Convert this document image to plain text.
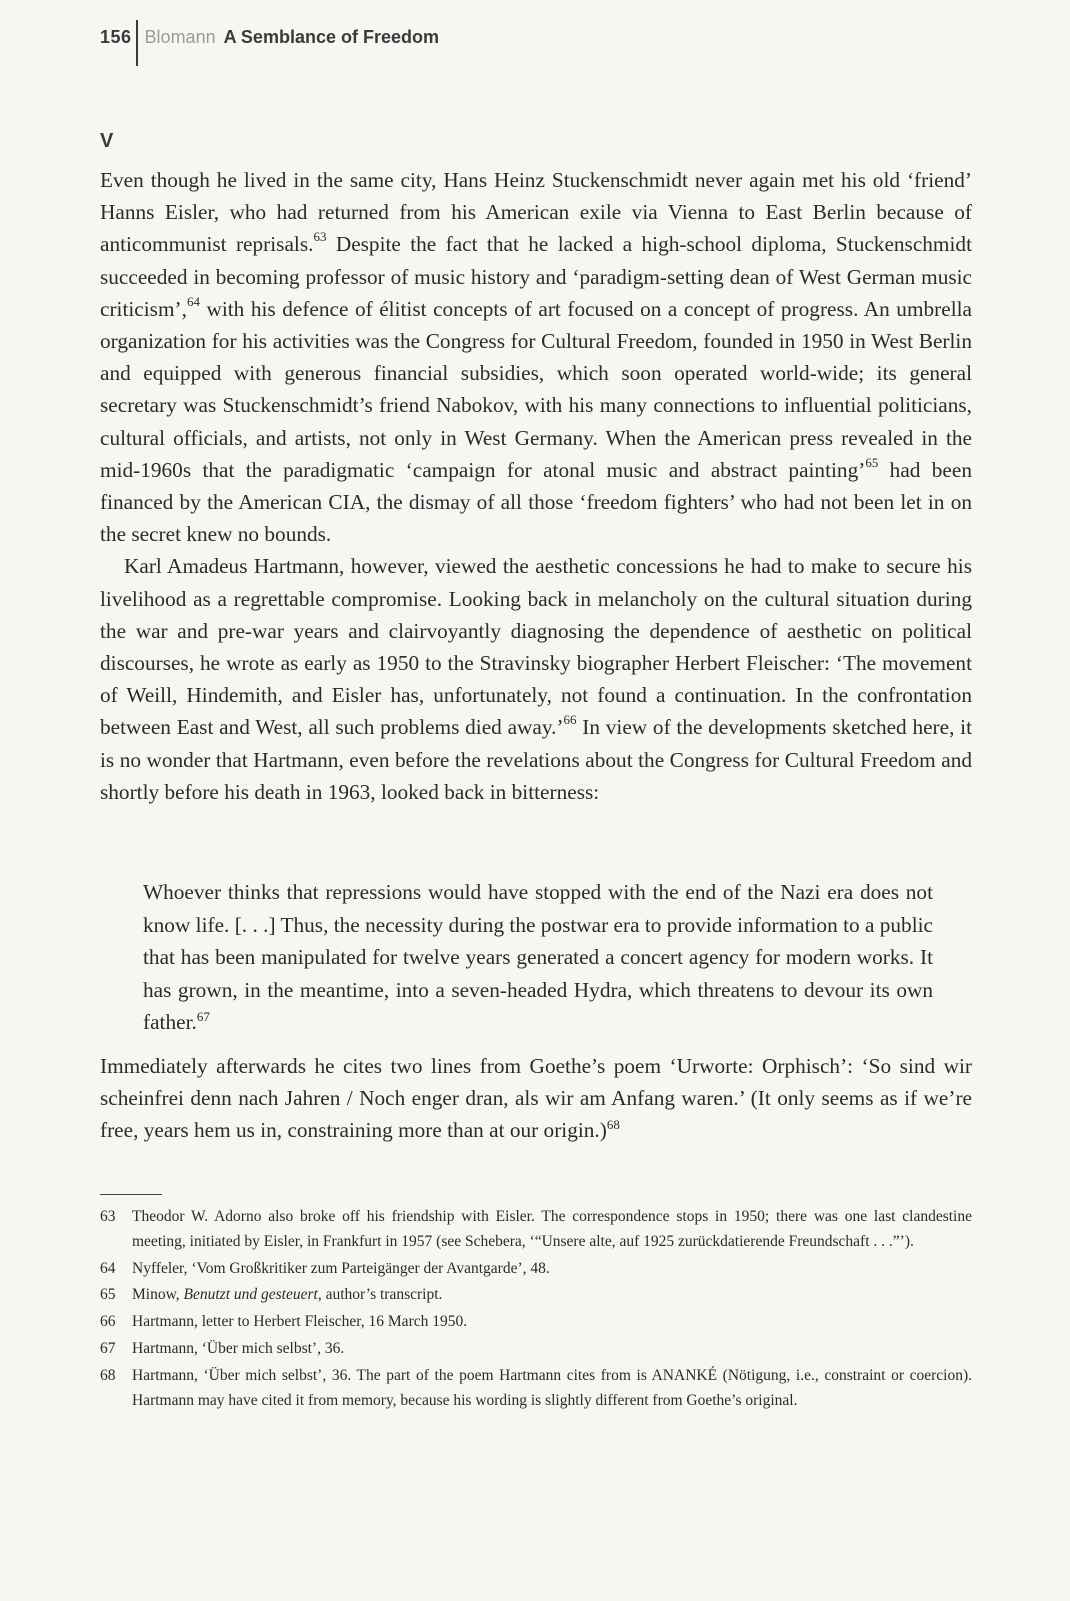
156 Blomann A Semblance of Freedom
V

Even though he lived in the same city, Hans Heinz Stuckenschmidt never again met his old ‘friend’ Hanns Eisler, who had returned from his American exile via Vienna to East Berlin because of anticommunist reprisals.$^{63}$ Despite the fact that he lacked a high-school diploma, Stuckenschmidt succeeded in becoming professor of music history and ‘paradigm-setting dean of West German music criticism’,$^{64}$ with his defence of élitist concepts of art focused on a concept of progress. An umbrella organization for his activities was the Congress for Cultural Freedom, founded in 1950 in West Berlin and equipped with generous financial subsidies, which soon operated world-wide; its general secretary was Stuckenschmidt’s friend Nabokov, with his many connections to influential politicians, cultural officials, and artists, not only in West Germany. When the American press revealed in the mid-1960s that the paradigmatic ‘campaign for atonal music and abstract painting’$^{65}$ had been financed by the American CIA, the dismay of all those ‘freedom fighters’ who had not been let in on the secret knew no bounds.

Karl Amadeus Hartmann, however, viewed the aesthetic concessions he had to make to secure his livelihood as a regrettable compromise. Looking back in melancholy on the cultural situation during the war and pre-war years and clairvoyantly diagnosing the dependence of aesthetic on political discourses, he wrote as early as 1950 to the Stravinsky biographer Herbert Fleischer: ‘The movement of Weill, Hindemith, and Eisler has, unfortunately, not found a continuation. In the confrontation between East and West, all such problems died away.’$^{66}$ In view of the developments sketched here, it is no wonder that Hartmann, even before the revelations about the Congress for Cultural Freedom and shortly before his death in 1963, looked back in bitterness:

Whoever thinks that repressions would have stopped with the end of the Nazi era does not know life. [. . .] Thus, the necessity during the postwar era to provide information to a public that has been manipulated for twelve years generated a concert agency for modern works. It has grown, in the meantime, into a seven-headed Hydra, which threatens to devour its own father.$^{67}$
Immediately afterwards he cites two lines from Goethe’s poem ‘Urworte: Orphisch’: ‘So sind wir scheinfrei denn nach Jahren / Noch enger dran, als wir am Anfang waren.’ (It only seems as if we’re free, years hem us in, constraining more than at our origin.)$^{68}$
63	Theodor W. Adorno also broke off his friendship with Eisler. The correspondence stops in 1950; there was one last clandestine meeting, initiated by Eisler, in Frankfurt in 1957 (see Schebera, ‘“Unsere alte, auf 1925 zurückdatierende Freundschaft . . .”’).
64	Nyffeler, ‘Vom Großkritiker zum Parteigänger der Avantgarde’, 48.
65	Minow, Benutzt und gesteuert, author’s transcript.
66	Hartmann, letter to Herbert Fleischer, 16 March 1950.
67	Hartmann, ‘Über mich selbst’, 36.
68	Hartmann, ‘Über mich selbst’, 36. The part of the poem Hartmann cites from is ANANKÉ (Nötigung, i.e., constraint or coercion). Hartmann may have cited it from memory, because his wording is slightly different from Goethe’s original.
